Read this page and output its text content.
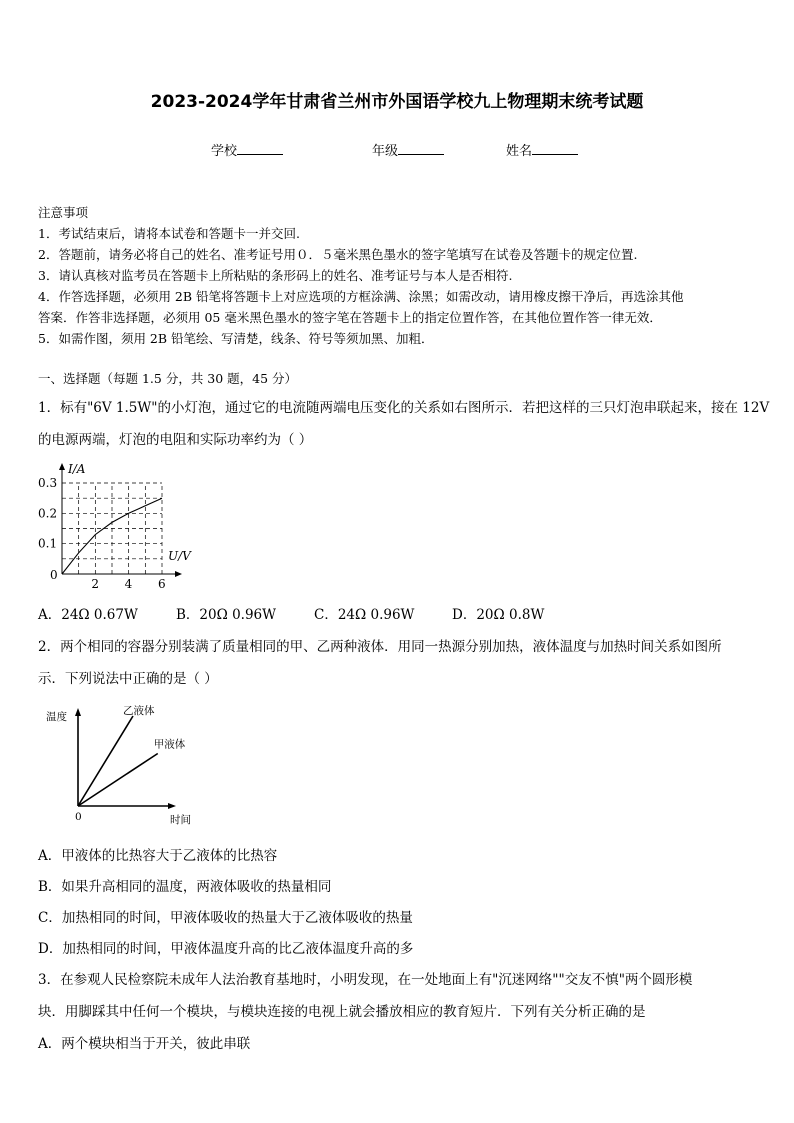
2023-2024学年甘肃省兰州市外国语学校九上物理期末统考试题
学校	年级	姓名
注意事项
1．考试结束后，请将本试卷和答题卡一并交回.
2．答题前，请务必将自己的姓名、准考证号用０．５毫米黑色墨水的签字笔填写在试卷及答题卡的规定位置.
3．请认真核对监考员在答题卡上所粘贴的条形码上的姓名、准考证号与本人是否相符.
4．作答选择题，必须用 2B 铅笔将答题卡上对应选项的方框涂满、涂黑；如需改动，请用橡皮擦干净后，再选涂其他
答案．作答非选择题，必须用 05 毫米黑色墨水的签字笔在答题卡上的指定位置作答，在其他位置作答一律无效．
5．如需作图，须用 2B 铅笔绘、写清楚，线条、符号等须加黑、加粗．
一、选择题（每题 1.5 分，共 30 题，45 分）
1．标有"6V 1.5W"的小灯泡，通过它的电流随两端电压变化的关系如右图所示．若把这样的三只灯泡串联起来，接在 12V
的电源两端，灯泡的电阻和实际功率约为（ ）
I/A
U/V
0
2 4 6
0.1
0.2
0.3
A．24Ω 0.67W	B．20Ω 0.96W	C．24Ω 0.96W	D．20Ω 0.8W
2．两个相同的容器分别装满了质量相同的甲、乙两种液体．用同一热源分别加热，液体温度与加热时间关系如图所
示．下列说法中正确的是（ ）
温度
时间
0
乙液体
甲液体
A．甲液体的比热容大于乙液体的比热容
B．如果升高相同的温度，两液体吸收的热量相同
C．加热相同的时间，甲液体吸收的热量大于乙液体吸收的热量
D．加热相同的时间，甲液体温度升高的比乙液体温度升高的多
3．在参观人民检察院未成年人法治教育基地时，小明发现，在一处地面上有"沉迷网络""交友不慎"两个圆形模
块．用脚踩其中任何一个模块，与模块连接的电视上就会播放相应的教育短片．下列有关分析正确的是
A．两个模块相当于开关，彼此串联
